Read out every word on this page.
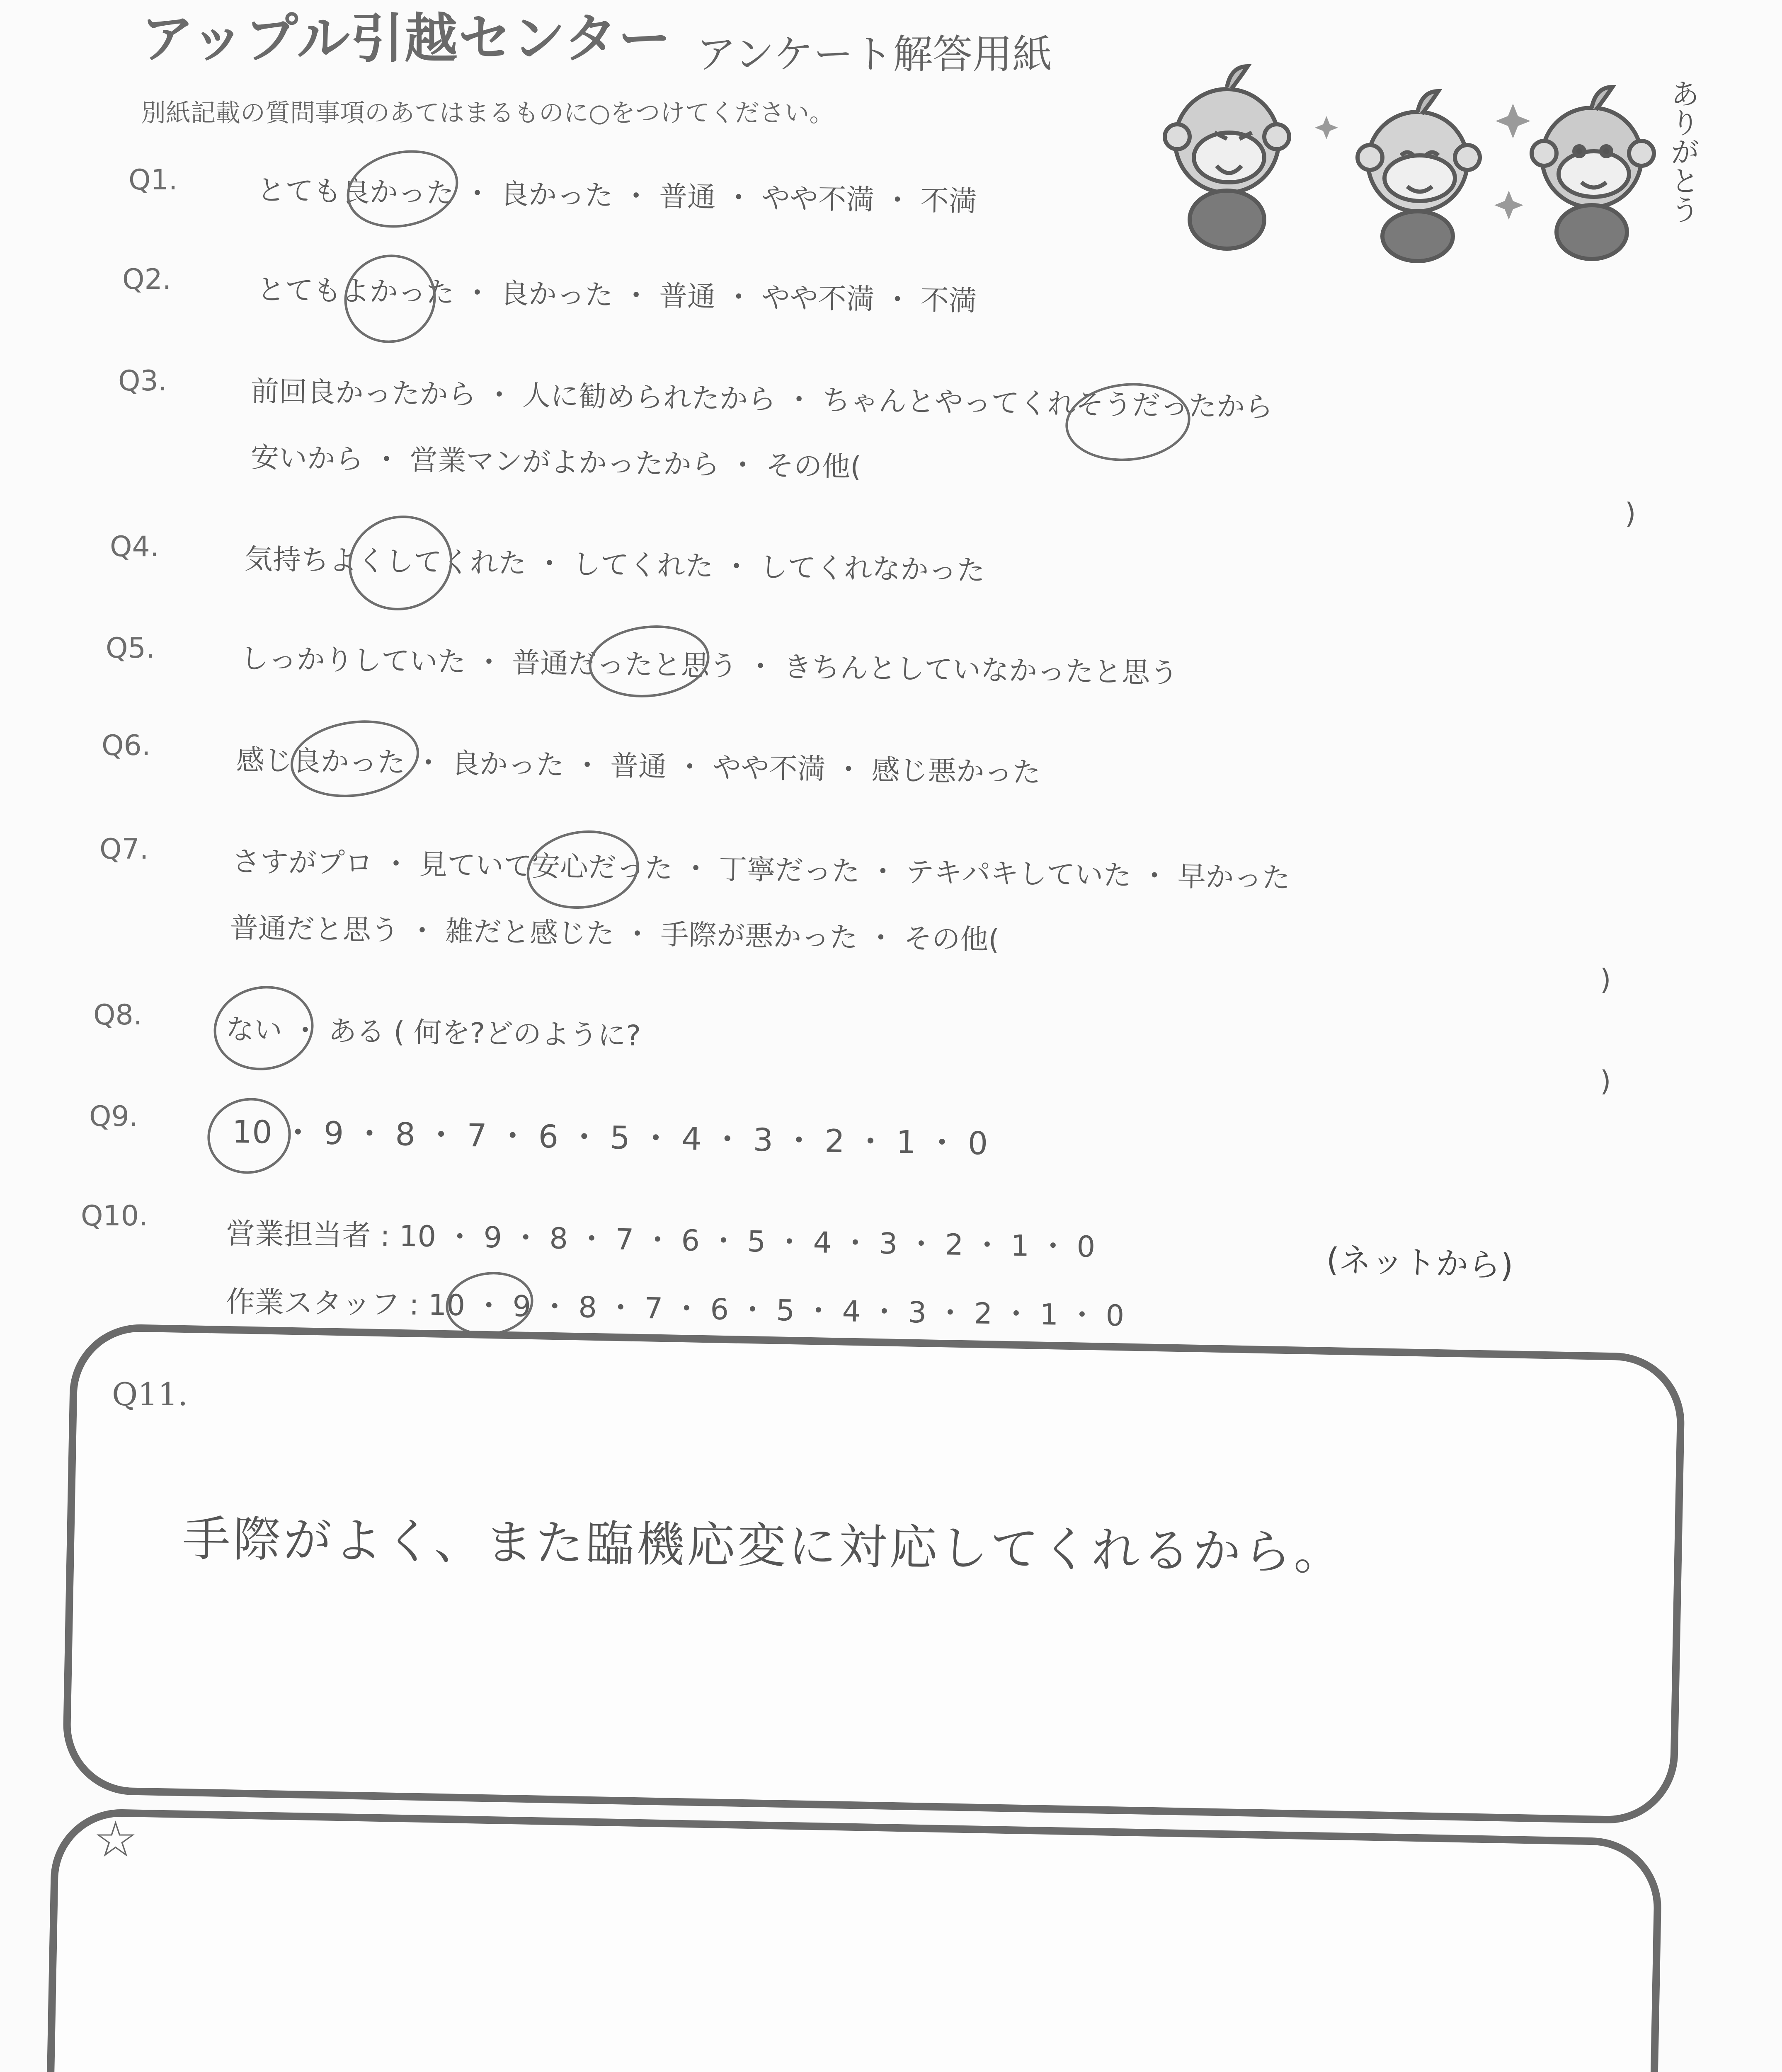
アップル引越センター アンケート解答用紙
別紙記載の質問事項のあてはまるものに○をつけてください。	ありがとう
Q1.	とても良かった ・ 良かった ・ 普通 ・ やや不満 ・ 不満
Q2.	とてもよかった ・ 良かった ・ 普通 ・ やや不満 ・ 不満
Q3.	前回良かったから ・ 人に勧められたから ・ ちゃんとやってくれそうだったから
安いから ・ 営業マンがよかったから ・ その他(
)
Q4.	気持ちよくしてくれた ・ してくれた ・ してくれなかった
Q5.	しっかりしていた ・ 普通だったと思う ・ きちんとしていなかったと思う
Q6.	感じ良かった ・ 良かった ・ 普通 ・ やや不満 ・ 感じ悪かった
Q7.	さすがプロ ・ 見ていて安心だった ・ 丁寧だった ・ テキパキしていた ・ 早かった
普通だと思う ・ 雑だと感じた ・ 手際が悪かった ・ その他(
)
Q8.	ない ・ ある ( 何を?どのように?
)
Q9.	10 ・ 9 ・ 8 ・ 7 ・ 6 ・ 5 ・ 4 ・ 3 ・ 2 ・ 1 ・ 0
Q10.
営業担当者 : 10 ・ 9 ・ 8 ・ 7 ・ 6 ・ 5 ・ 4 ・ 3 ・ 2 ・ 1 ・ 0
作業スタッフ : 10 ・ 9 ・ 8 ・ 7 ・ 6 ・ 5 ・ 4 ・ 3 ・ 2 ・ 1 ・ 0
(ネットから)
Q11.
手際がよく、また臨機応変に対応してくれるから。
☆
